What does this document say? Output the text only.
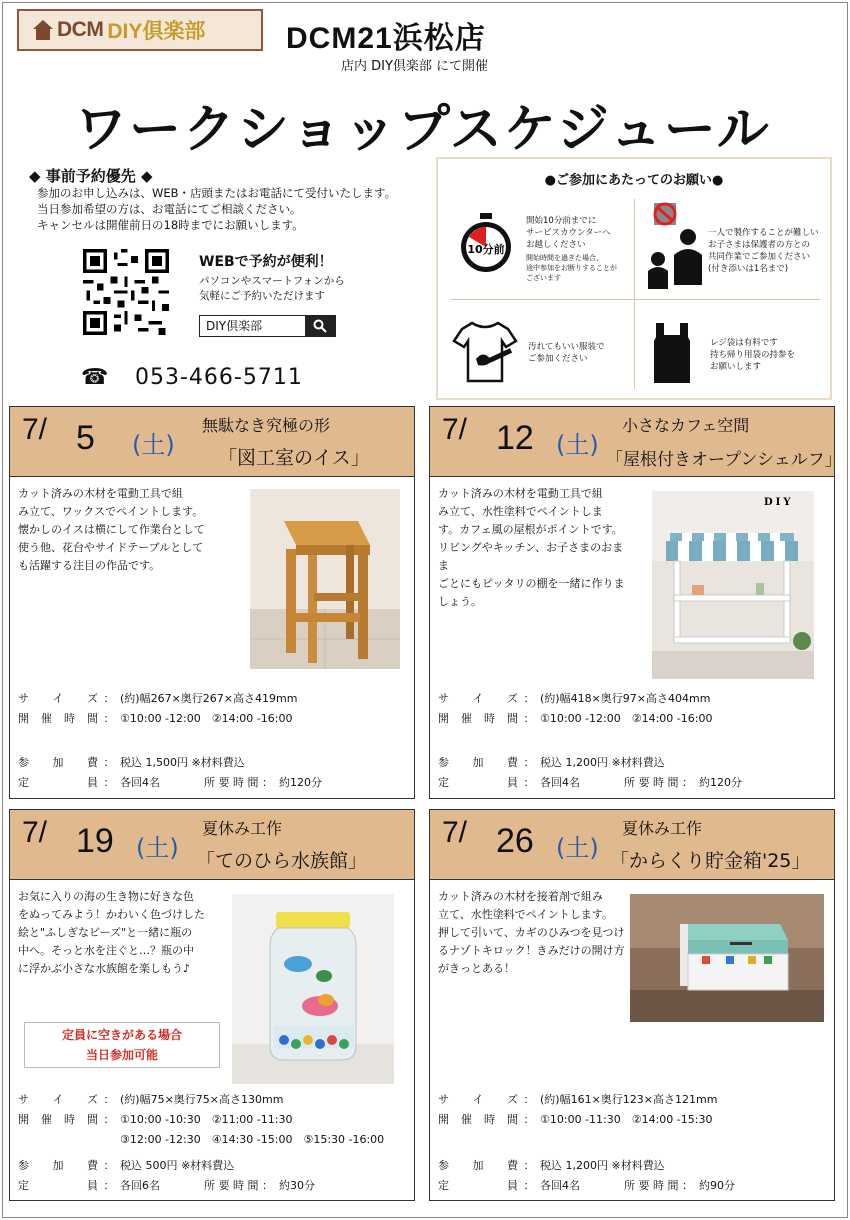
DCM DIY倶楽部	DCM21浜松店
店内 DIY倶楽部 にて開催
ワークショップスケジュール
◆ 事前予約優先 ◆
参加のお申し込みは、WEB・店頭またはお電話にて受付いたします。
当日参加希望の方は、お電話にてご相談ください。
キャンセルは開催前日の18時までにお願いします。
WEBで予約が便利！
パソコンやスマートフォンから
気軽にご予約いただけます
DIY倶楽部
☎ 053-466-5711
●ご参加にあたってのお願い●
10分前
開始10分前までに
サービスカウンターへ
お越しください
開始時間を過ぎた場合、
途中参加をお断りすることが
ございます
一人で製作することが難しい
お子さまは保護者の方との
共同作業でご参加ください
(付き添いは1名まで)
汚れてもいい服装で
ご参加ください
レジ袋は有料です
持ち帰り用袋の持参を
お願いします
7/ 5 (土)
無駄なき究極の形
「図工室のイス」
カット済みの木材を電動工具で組
み立て、ワックスでペイントします。
懐かしのイスは横にして作業台として
使う他、花台やサイドテーブルとして
も活躍する注目の作品です。
サ イ ズ ： (約)幅267×奥行267×高さ419mm
開 催 時 間 ： ①10:00 -12:00　②14:00 -16:00
参 加 費 ： 税込 1,500円 ※材料費込
定	員 ： 各回4名	所 要 時 間 ： 約120分
7/ 12 (土)
小さなカフェ空間
「屋根付きオープンシェルフ」
カット済みの木材を電動工具で組
み立て、水性塗料でペイントしま
す。カフェ風の屋根がポイントです。
リビングやキッチン、お子さまのおまま
ごとにもピッタリの棚を一緒に作りま
しょう。
DIY
サ イ ズ ： (約)幅418×奥行97×高さ404mm
開 催 時 間 ： ①10:00 -12:00　②14:00 -16:00
参 加 費 ： 税込 1,200円 ※材料費込
定	員 ： 各回4名	所 要 時 間 ： 約120分
7/ 19 (土)
夏休み工作
「てのひら水族館」
お気に入りの海の生き物に好きな色
をぬってみよう！かわいく色づけした
絵と"ふしぎなビーズ"と一緒に瓶の
中へ。そっと水を注ぐと…？瓶の中
に浮かぶ小さな水族館を楽しもう♪
定員に空きがある場合
当日参加可能
サ イ ズ ： (約)幅75×奥行75×高さ130mm
開 催 時 間 ： ①10:00 -10:30　②11:00 -11:30
③12:00 -12:30　④14:30 -15:00　⑤15:30 -16:00
参 加 費 ： 税込 500円 ※材料費込
定	員 ： 各回6名	所 要 時 間 ： 約30分
7/ 26 (土)
夏休み工作
「からくり貯金箱'25」
カット済みの木材を接着剤で組み
立て、水性塗料でペイントします。
押して引いて、カギのひみつを見つけ
るナゾトキロック！きみだけの開け方
がきっとある！
サ イ ズ ： (約)幅161×奥行123×高さ121mm
開 催 時 間 ： ①10:00 -11:30　②14:00 -15:30
参 加 費 ： 税込 1,200円 ※材料費込
定	員 ： 各回4名	所 要 時 間 ： 約90分
